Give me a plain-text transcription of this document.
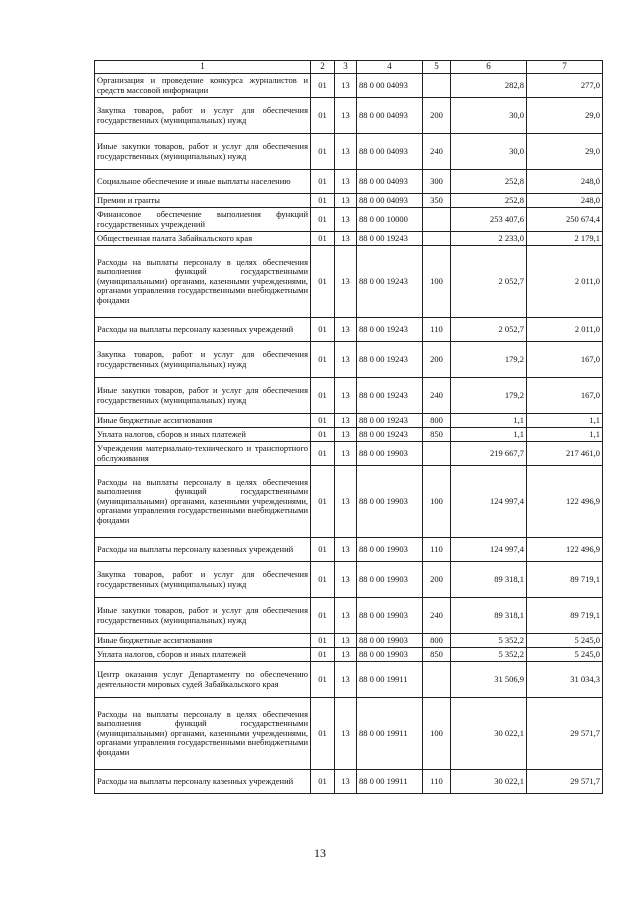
1	2	3	4	5	6	7
Организация и проведение конкурса журналистов и средств массовой информации	01	13	88 0 00 04093		282,8	277,0
Закупка товаров, работ и услуг для обеспечения государственных (муниципальных) нужд	01	13	88 0 00 04093	200	30,0	29,0
Иные закупки товаров, работ и услуг для обеспечения государственных (муниципальных) нужд	01	13	88 0 00 04093	240	30,0	29,0
Социальное обеспечение и иные выплаты населению	01	13	88 0 00 04093	300	252,8	248,0
Премии и гранты	01	13	88 0 00 04093	350	252,8	248,0
Финансовое обеспечение выполнения функций государственных учреждений	01	13	88 0 00 10000		253 407,6	250 674,4
Общественная палата Забайкальского края	01	13	88 0 00 19243		2 233,0	2 179,1
Расходы на выплаты персоналу в целях обеспечения выполнения функций государственными (муниципальными) органами, казенными учреждениями, органами управления государственными внебюджетными фондами	01	13	88 0 00 19243	100	2 052,7	2 011,0
Расходы на выплаты персоналу казенных учреждений	01	13	88 0 00 19243	110	2 052,7	2 011,0
Закупка товаров, работ и услуг для обеспечения государственных (муниципальных) нужд	01	13	88 0 00 19243	200	179,2	167,0
Иные закупки товаров, работ и услуг для обеспечения государственных (муниципальных) нужд	01	13	88 0 00 19243	240	179,2	167,0
Иные бюджетные ассигнования	01	13	88 0 00 19243	800	1,1	1,1
Уплата налогов, сборов и иных платежей	01	13	88 0 00 19243	850	1,1	1,1
Учреждения материально-технического и транспортного обслуживания	01	13	88 0 00 19903		219 667,7	217 461,0
Расходы на выплаты персоналу в целях обеспечения выполнения функций государственными (муниципальными) органами, казенными учреждениями, органами управления государственными внебюджетными фондами	01	13	88 0 00 19903	100	124 997,4	122 496,9
Расходы на выплаты персоналу казенных учреждений	01	13	88 0 00 19903	110	124 997,4	122 496,9
Закупка товаров, работ и услуг для обеспечения государственных (муниципальных) нужд	01	13	88 0 00 19903	200	89 318,1	89 719,1
Иные закупки товаров, работ и услуг для обеспечения государственных (муниципальных) нужд	01	13	88 0 00 19903	240	89 318,1	89 719,1
Иные бюджетные ассигнования	01	13	88 0 00 19903	800	5 352,2	5 245,0
Уплата налогов, сборов и иных платежей	01	13	88 0 00 19903	850	5 352,2	5 245,0
Центр оказания услуг Департаменту по обеспечению деятельности мировых судей Забайкальского края	01	13	88 0 00 19911		31 506,9	31 034,3
Расходы на выплаты персоналу в целях обеспечения выполнения функций государственными (муниципальными) органами, казенными учреждениями, органами управления государственными внебюджетными фондами	01	13	88 0 00 19911	100	30 022,1	29 571,7
Расходы на выплаты персоналу казенных учреждений	01	13	88 0 00 19911	110	30 022,1	29 571,7
13
